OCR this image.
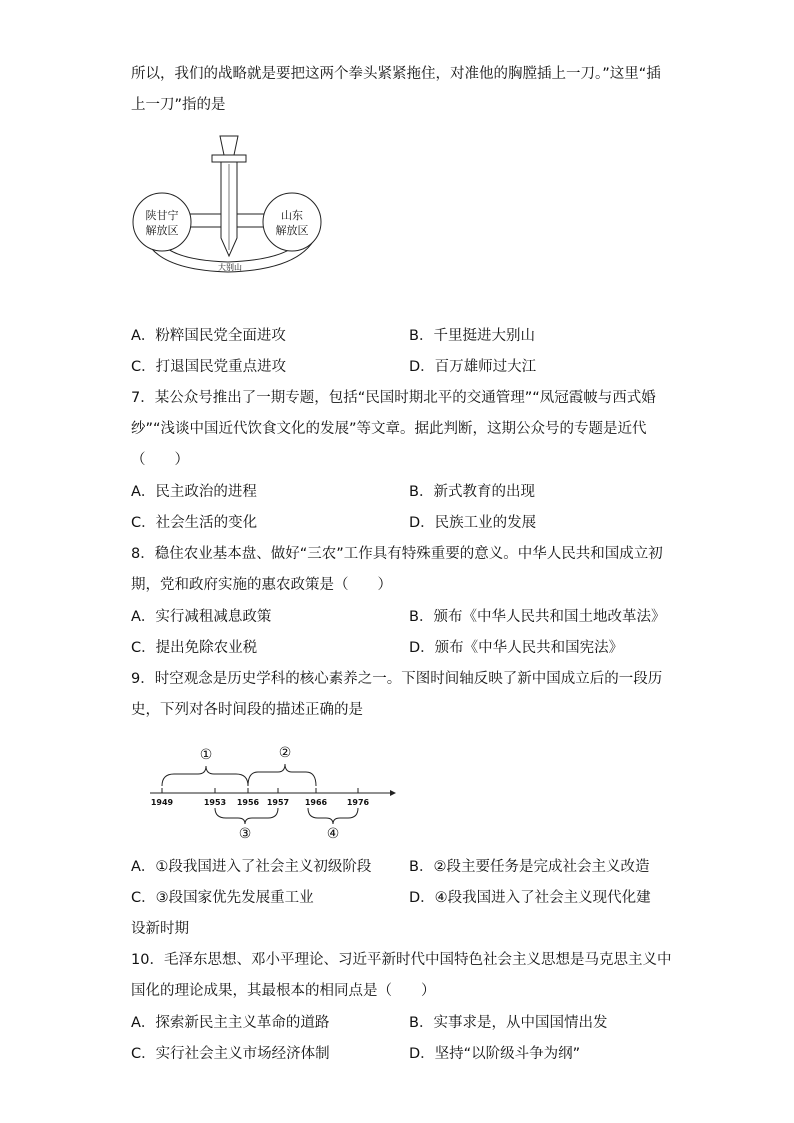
所以，我们的战略就是要把这两个拳头紧紧拖住，对准他的胸膛插上一刀。”这里“插
上一刀”指的是
陕甘宁
解放区
山东
解放区
大别山
A．粉粹国民党全面进攻	B．千里挺进大别山
C．打退国民党重点进攻	D．百万雄师过大江
7．某公众号推出了一期专题，包括“民国时期北平的交通管理”“凤冠霞帔与西式婚
纱”“浅谈中国近代饮食文化的发展”等文章。据此判断，这期公众号的专题是近代
（　　）
A．民主政治的进程	B．新式教育的出现
C．社会生活的变化	D．民族工业的发展
8．稳住农业基本盘、做好“三农”工作具有特殊重要的意义。中华人民共和国成立初
期，党和政府实施的惠农政策是（　　）
A．实行减租减息政策	B．颁布《中华人民共和国土地改革法》
C．提出免除农业税	D．颁布《中华人民共和国宪法》
9．时空观念是历史学科的核心素养之一。下图时间轴反映了新中国成立后的一段历
史，下列对各时间段的描述正确的是
1949	1953 1956 1957 1966 1976
①	②
③	④
A．①段我国进入了社会主义初级阶段	B．②段主要任务是完成社会主义改造
C．③段国家优先发展重工业	D．④段我国进入了社会主义现代化建
设新时期
10．毛泽东思想、邓小平理论、习近平新时代中国特色社会主义思想是马克思主义中
国化的理论成果，其最根本的相同点是（　　）
A．探索新民主主义革命的道路	B．实事求是，从中国国情出发
C．实行社会主义市场经济体制	D．坚持“以阶级斗争为纲”
